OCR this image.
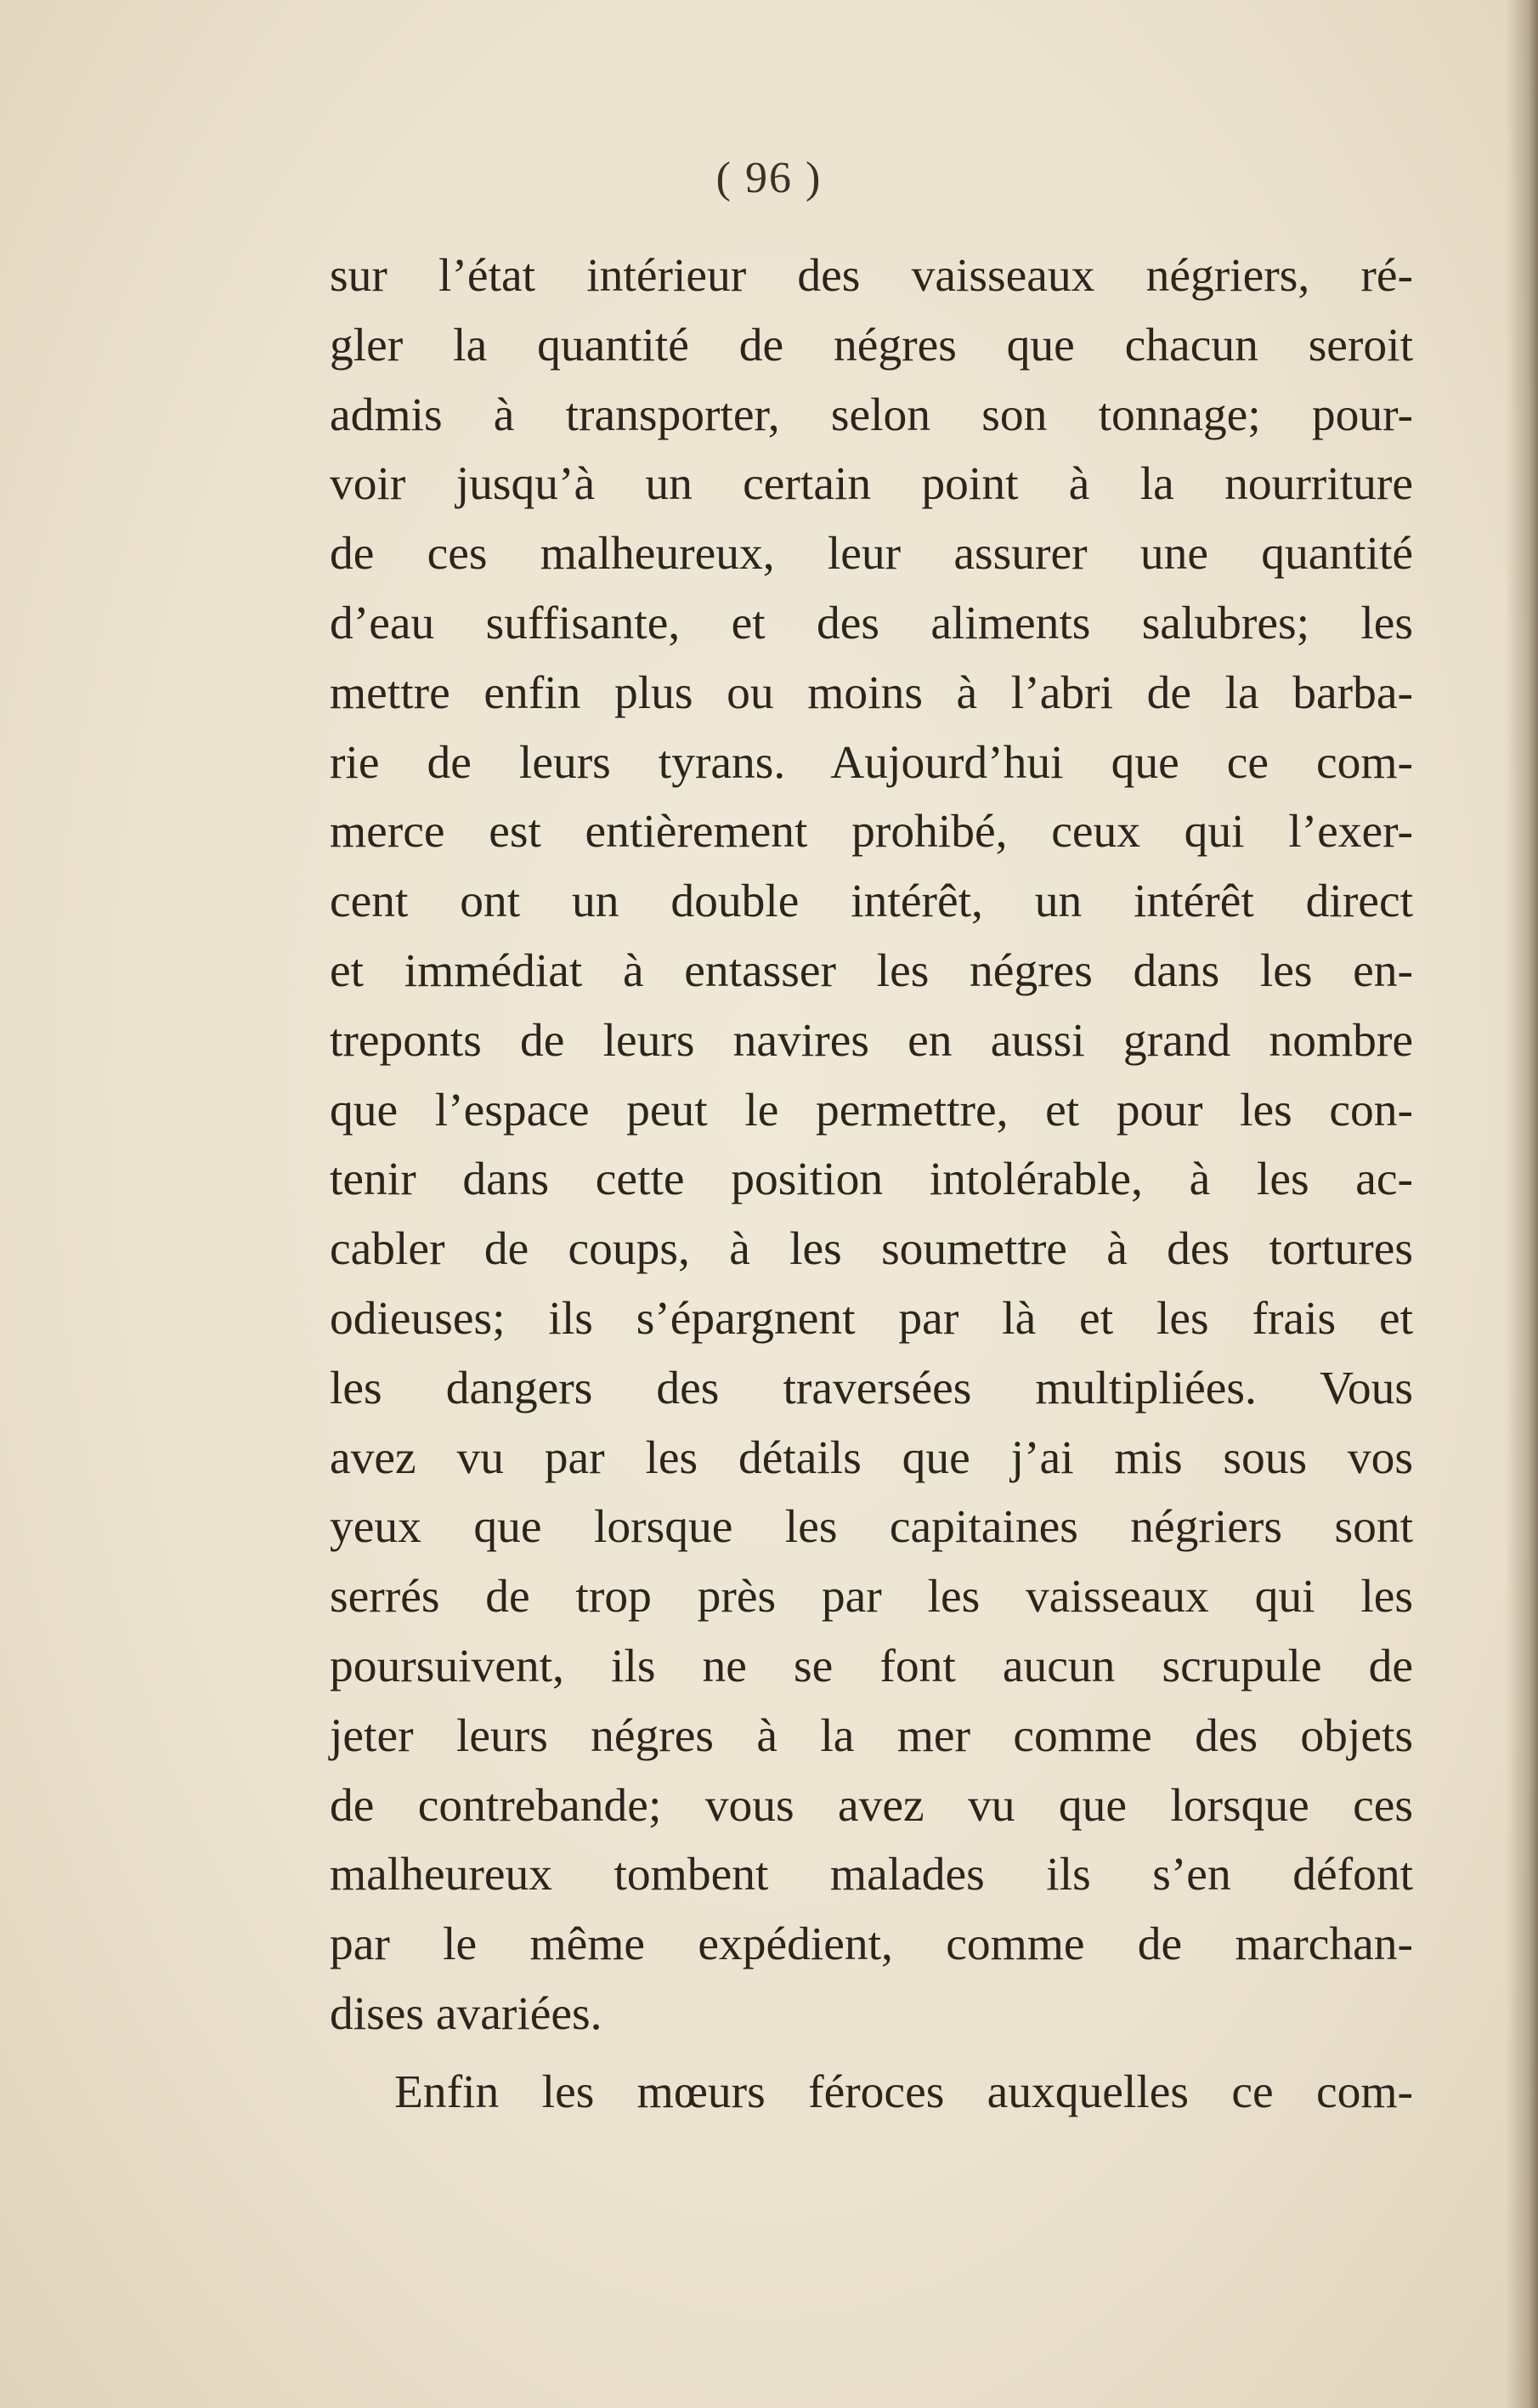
( 96 )
sur l’état intérieur des vaisseaux négriers, ré-
gler la quantité de négres que chacun seroit
admis à transporter, selon son tonnage; pour-
voir jusqu’à un certain point à la nourriture
de ces malheureux, leur assurer une quantité
d’eau suffisante, et des aliments salubres; les
mettre enfin plus ou moins à l’abri de la barba-
rie de leurs tyrans. Aujourd’hui que ce com-
merce est entièrement prohibé, ceux qui l’exer-
cent ont un double intérêt, un intérêt direct
et immédiat à entasser les négres dans les en-
treponts de leurs navires en aussi grand nombre
que l’espace peut le permettre, et pour les con-
tenir dans cette position intolérable, à les ac-
cabler de coups, à les soumettre à des tortures
odieuses; ils s’épargnent par là et les frais et
les dangers des traversées multipliées. Vous
avez vu par les détails que j’ai mis sous vos
yeux que lorsque les capitaines négriers sont
serrés de trop près par les vaisseaux qui les
poursuivent, ils ne se font aucun scrupule de
jeter leurs négres à la mer comme des objets
de contrebande; vous avez vu que lorsque ces
malheureux tombent malades ils s’en défont
par le même expédient, comme de marchan-
dises avariées.
Enfin les mœurs féroces auxquelles ce com-
